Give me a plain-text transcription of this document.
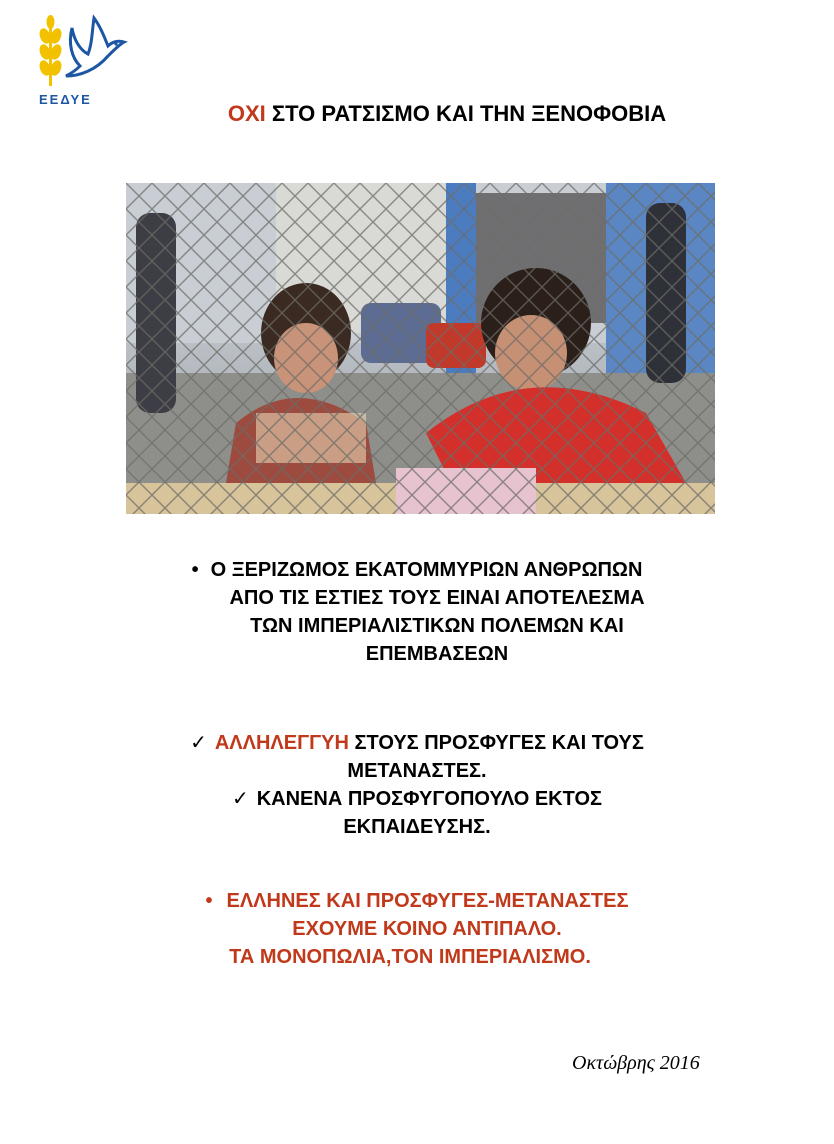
ΕΕΔΥΕ
ΟΧΙ ΣΤΟ ΡΑΤΣΙΣΜΟ ΚΑΙ ΤΗΝ ΞΕΝΟΦΟΒΙΑ
• Ο ΞΕΡΙΖΩΜΟΣ ΕΚΑΤΟΜΜΥΡΙΩΝ ΑΝΘΡΩΠΩΝ
ΑΠΟ ΤΙΣ ΕΣΤΙΕΣ ΤΟΥΣ ΕΙΝΑΙ ΑΠΟΤΕΛΕΣΜΑ
ΤΩΝ ΙΜΠΕΡΙΑΛΙΣΤΙΚΩΝ ΠΟΛΕΜΩΝ ΚΑΙ
ΕΠΕΜΒΑΣΕΩΝ
✓ ΑΛΛΗΛΕΓΓΥΗ ΣΤΟΥΣ ΠΡΟΣΦΥΓΕΣ ΚΑΙ ΤΟΥΣ
ΜΕΤΑΝΑΣΤΕΣ.
✓ ΚΑΝΕΝΑ ΠΡΟΣΦΥΓΟΠΟΥΛΟ ΕΚΤΟΣ
ΕΚΠΑΙΔΕΥΣΗΣ.
• ΕΛΛΗΝΕΣ ΚΑΙ ΠΡΟΣΦΥΓΕΣ-ΜΕΤΑΝΑΣΤΕΣ
ΕΧΟΥΜΕ ΚΟΙΝΟ ΑΝΤΙΠΑΛΟ.
ΤΑ ΜΟΝΟΠΩΛΙΑ,ΤΟΝ ΙΜΠΕΡΙΑΛΙΣΜΟ.
Οκτώβρης 2016
